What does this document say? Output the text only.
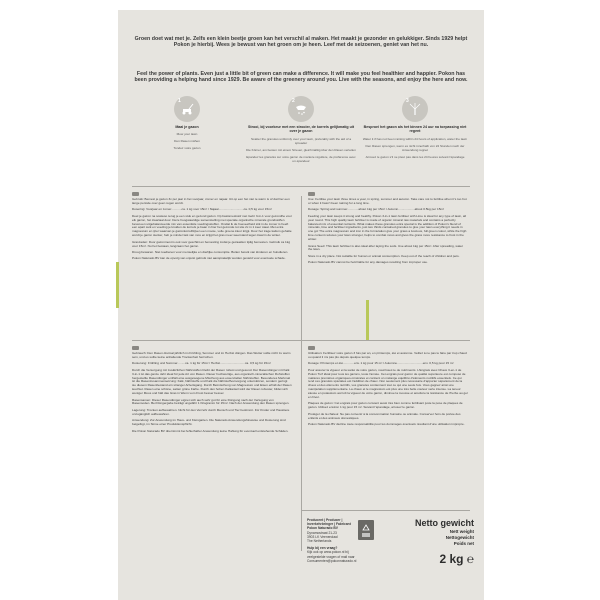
Groen doet wat met je. Zelfs een klein beetje groen kan het verschil al maken. Het maakt je gezonder en gelukkiger. Sinds 1929 helpt Pokon je hierbij. Wees je bewust van het groen om je heen. Leef met de seizoenen, geniet van het nu.
Feel the power of plants. Even just a little bit of green can make a difference. It will make you feel healthier and happier. Pokon has been providing a helping hand since 1929. Be aware of the greenery around you. Live with the seasons, and enjoy the here and now.
1
Maai je gazon
Mow your lawn
Den Rasen mähen
Tondez votre gazon
2
Strooi, bij voorkeur met een strooier, de korrels gelijkmatig uit over je gazon
Scatter the granules uniformly over your lawn, preferably with the aid of a spreader
Die Körner, am besten mit einem Streuer, gleichmäßig über den Rasen verteilen
Epandez les granulés sur votre gazon de manière régulière, de préférence avec un épandeur
3
Besproei het gazon als het binnen 24 uur na toepassing niet regent
Water it if has not been raining within 24 hours of application, water the lawn
Den Rasen sprengen, wenn es nicht innerhalb von 24 Stunden nach der Anwendung regnet
Arrosez le gazon s'il ne pleut pas dans les 24 heures suivant l'épandage

Gebruik: Bemest je gazon 3x per jaar in het voorjaar, zomer en najaar. Uit op een het niet te warm is of dat hier een lange periode over geen regen wordt.

Dosering: Voorjaar en zomer............ca. 1 kg voor 15m² / Najaar.............................ca. 0,5 kg voor 15m²

Deel je gazon na sowieso terug je een stuk en gezond gazon. Op basismeststof met Gebr 3-in-1 voor gezondhe voor elk gazon, het kwartaal door. Deze hoogwaardige samenstelling met speciale organische minerale grondstoffen bevat een uitgebalanceerde mix van essentiële voedingsstoffen. Omdat ik de hoeveelheid stik in de zomer is heeft een apart suik en voeding je kruiden de korrels je baan in hier het gezonde tot stie 2x in 1 keer staat. Met extra magnesium en ijzer waarvan je gazonkorrelblijven een mooie, volle groene kleur krijgt. Door het trage kalium gehalte wordt je gazon sterker, heb je minder last van mos en krijgt het gras meer weerstand tegen kwal in de winter.

Graszaden: Door gazonmest is ook voor geschikt en bemesting zodat je gezaaiden tijdig bemesten. Gebruik ca 1kg voor 15m². Nu het bestaan, langzaam het gazon.

Droog bewaren. Niet toedienen voor menselijke en dierlijke consumptie. Buiten bereik van kinderen en huisdieren.

Pokon Naturado BV kan de opvolg van onjuist gebruik niet aansprakelijk worden gesteld voor eventuele schade.

Use: Fertilise your lawn three times a year, in spring, summer and autumn. Take care not to fertilise when it's too hot or when it hasn't been raining for a long time.

Dosage: Spring and summer.............about 1kg per 15m² / Autumn...................about 0.5kg per 15m²

Feeding your lawn keeps it strong and healthy. Pokon 3-in-1 lawn fertiliser with Lime is ideal for any type of lawn, all year round. This high quality lawn fertiliser is made of organic mineral raw materials and contains a perfectly balanced mix of essential nutrients. What makes these granules extra special is the addition of Pokon's blend of minerals, lime and fertiliser ingredients, just two thirds contained granules to give your lawn everything it needs in one go! The extra magnesium and iron in the formulation give your grass a luscious, full green colour, while the high lime content reduces your lawn stronger, helps to combat moss and gives the grass more resistance to frost in the winter.

Grass Seed: This lawn fertiliser is also ideal after laying the sods. Use about 1kg per 15m². After spreading, water the lawn.

Store in a dry place. Not suitable for human or animal consumption. Keep out of the reach of children and pets.

Pokon Naturado BV cannot be held liable for any damages resulting from improper use.

Gebrauch: Den Rasen dreimal jährlich im Frühling, Sommer und im Herbst düngen. Das Wetter sollte nicht zu warm sein, und es sollte keine anhaltende Trockenheit herrschen.

Dosierung: Frühling und Sommer.........ca. 1 kg für 15m² / Herbst.............................ca. 0,5 kg für 15m²

Durch die Versorgung mit zusätzlichen Nährstoffen bleibt der Rasen robust und gesund. Der Rasendünger mit Kalk 3-in-1 ist das ganze Jahr ideal für jede Art von Rasen. Dieser hochwertige, aus organisch-mineralischen Rohstoffen hergestellte Rasendünger enthält eine ausgewogene Mischung aus essenziellen Nährstoffen. Besonderes Merkmal ist die Rasenzusammensetzung: Kalk, Nährstoffe und Kalk die Nährstoffversorgung unterstützen, sondern geringt sie diesem Rasenbestand ein stranger Arbeitsgang. Durch Beimischung von Magnesium und Eisen erhält der Rasen leuchtet. Rasen eine schöne, satten grüne Farbe. Durch den hohen Kalkanteil wird der Rasen robuster, bildet sich weniger Moos und hält das Gras in Wenn vom Frost besser besser.

Rasensamen: Dieser Rasendünger eignet sich auch sehr gut für eine Düngung nach der Verlegung von Rasensoden. Bei Düngergabe beträgt ungefähr 1 Kilogramm für 15m². Nach der Anwendung den Rasen sprengen.

Lagerung: Trocken aufbewahren. Nicht für den Verzehr durch Mensch und Tier bestimmt. Für Kinder und Haustiere unzugänglich aufbewahren.

Anwendung: Zur Anwendung im Haus- und Kleingarten. Die Naturado Anwendungshinweise und Dosierung sind beigefügt, im Sinne einer Produktionspflicht.

Die Pokon Naturado BV übernimmt bei fehlerhafter Anwendung keine Haftung für eventuell entstehende Schäden.

Utilisation: Fertilisez votre gazon 3 fois par an, en printemps, été et automne. Veillez à ne pas le faire par trop chaud ou quand il n'a pas plu depuis quelque temps.

Dosage: Printemps et été.............env. 1 kg pour 15 m² / Automne..............................env. 0,5 kg pour 15 m²

Pour assurer la vigueur et la santé de votre gazon, nourrissez-le de nutriments. L'Engrais avec Chaux 3-en-1 de Pokon Turf idéal pour tous les gazons, toute l'année. Cet engrais pour gazon de qualité supérieure est composé de matières premières organiques-minérales et contient un mélange équilibré d'éléments nutritifs essentiels. Ce qui rend ces granulés spéciales est l'addition de chaux. Non seulement plus nécessaire d'apporter séparément de la chaux et des éléments nutritifs, vos granules contiennent tout ce qui une seule fois. Vous gagnez ainsi une manipulation supplémentaire. La chaux et le magnésium est plus une très belle couleur verte intense. La teneur élevée en potassium accroît la vigueur de votre gazon, diminue la mousse et améliore la résistance de l'herbe au gel en hiver.

Plaques de gazon: Cet engrais pour gazon convient aussi très bien comme fertilisant juste la pose de plaques de gazon. Utilisez environ 1 kg pour 15 m². Suivant l'épandage, arrosez le gazon.

Protéger de la chaleur. Ne pas convenir à la consommation humaine ou animale. Conserver hors de portée des enfants et des animaux domestiques.

Pokon Naturado BV décline toute responsabilité pour les dommages éventuels résultant d'une utilisation impropre.

Producent | Producer |
Inverkehrbringer | Fabricant
Pokon Naturado BV
Dynamostraat 21-23
3903 LK Veenendaal
The Netherlands
Hulp bij een vraag?
Kijk ook op www.pokon.nl bij
veelgestelde vragen of mail naar
Consumenten@pokonnaturado.nl
Netto gewicht
Nett weight
Nettogewicht
Poids net
2 kg ℮
